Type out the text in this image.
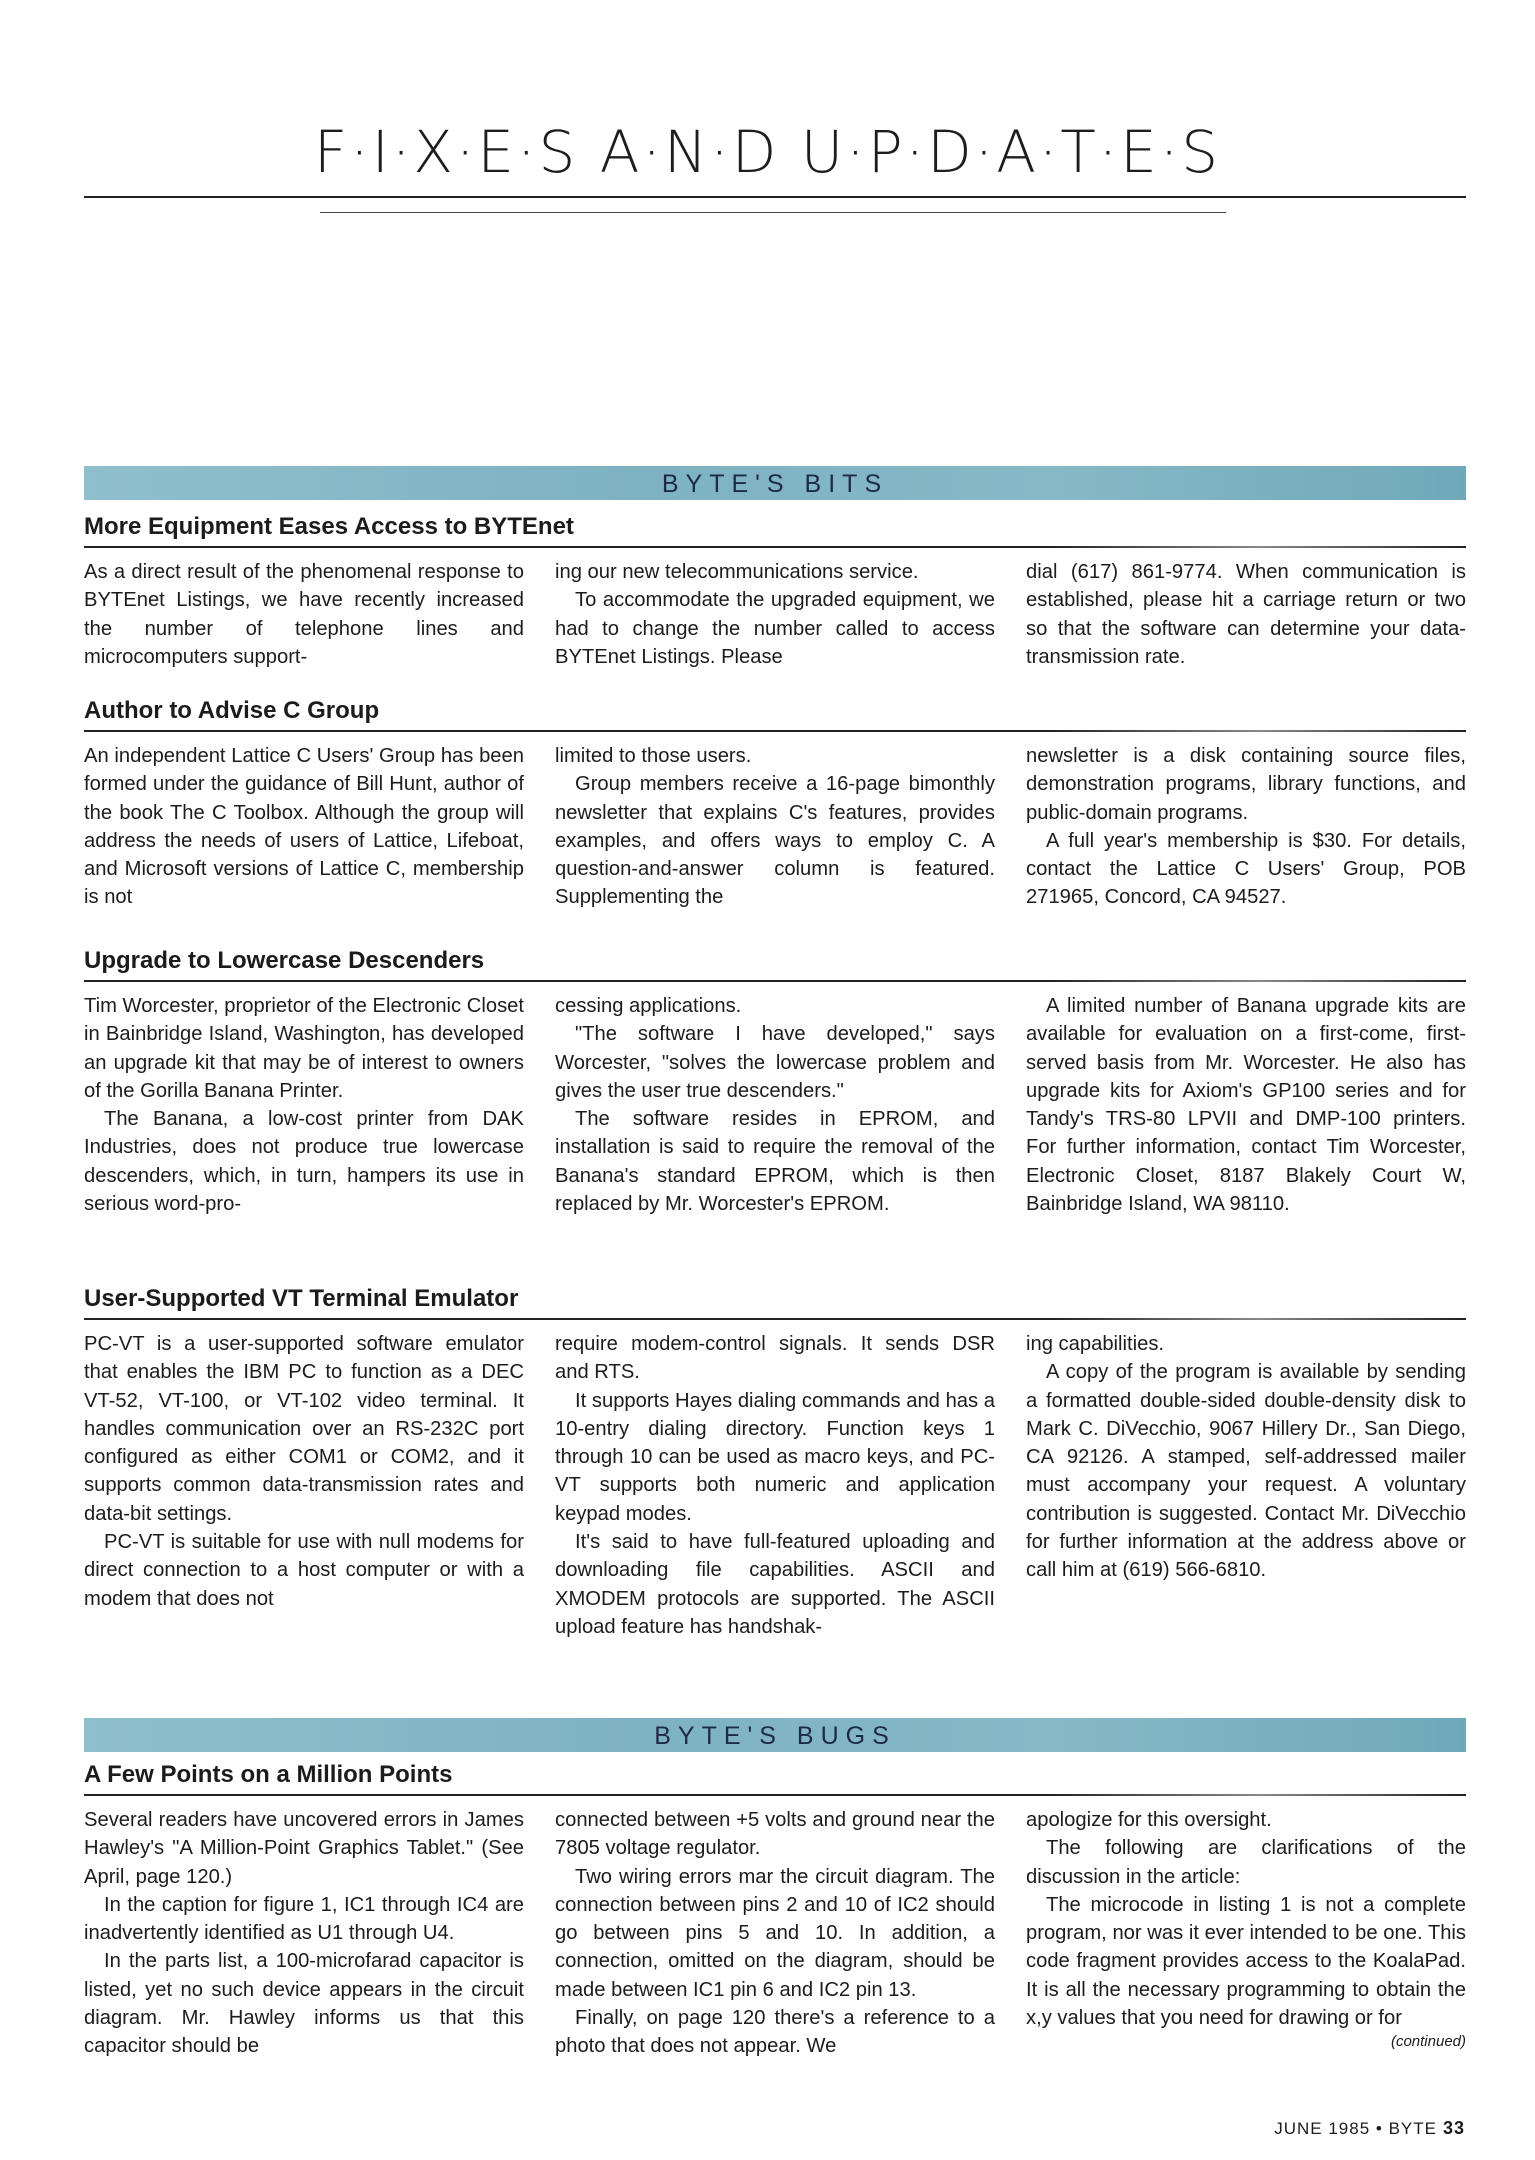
F·I·X·E·S A·N·D U·P·D·A·T·E·S
BYTE'S BITS
BYTE'S BUGS
More Equipment Eases Access to BYTEnet

As a direct result of the phenomenal response to BYTEnet Listings, we have recently increased the number of telephone lines and microcomputers support-

ing our new telecommunications service.

To accommodate the upgraded equipment, we had to change the number called to access BYTEnet Listings. Please

dial (617) 861-9774. When communication is established, please hit a carriage return or two so that the software can determine your data-transmission rate.

Author to Advise C Group

An independent Lattice C Users' Group has been formed under the guidance of Bill Hunt, author of the book The C Toolbox. Although the group will address the needs of users of Lattice, Lifeboat, and Microsoft versions of Lattice C, membership is not

limited to those users.

Group members receive a 16-page bimonthly newsletter that explains C's features, provides examples, and offers ways to employ C. A question-and-answer column is featured. Supplementing the

newsletter is a disk containing source files, demonstration programs, library functions, and public-domain programs.

A full year's membership is $30. For details, contact the Lattice C Users' Group, POB 271965, Concord, CA 94527.

Upgrade to Lowercase Descenders

Tim Worcester, proprietor of the Electronic Closet in Bainbridge Island, Washington, has developed an upgrade kit that may be of interest to owners of the Gorilla Banana Printer.

The Banana, a low-cost printer from DAK Industries, does not produce true lowercase descenders, which, in turn, hampers its use in serious word-pro-

cessing applications.

"The software I have developed," says Worcester, "solves the lowercase problem and gives the user true descenders."

The software resides in EPROM, and installation is said to require the removal of the Banana's standard EPROM, which is then replaced by Mr. Worcester's EPROM.

A limited number of Banana upgrade kits are available for evaluation on a first-come, first-served basis from Mr. Worcester. He also has upgrade kits for Axiom's GP100 series and for Tandy's TRS-80 LPVII and DMP-100 printers. For further information, contact Tim Worcester, Electronic Closet, 8187 Blakely Court W, Bainbridge Island, WA 98110.

User-Supported VT Terminal Emulator

PC-VT is a user-supported software emulator that enables the IBM PC to function as a DEC VT-52, VT-100, or VT-102 video terminal. It handles communication over an RS-232C port configured as either COM1 or COM2, and it supports common data-transmission rates and data-bit settings.

PC-VT is suitable for use with null modems for direct connection to a host computer or with a modem that does not

require modem-control signals. It sends DSR and RTS.

It supports Hayes dialing commands and has a 10-entry dialing directory. Function keys 1 through 10 can be used as macro keys, and PC-VT supports both numeric and application keypad modes.

It's said to have full-featured uploading and downloading file capabilities. ASCII and XMODEM protocols are supported. The ASCII upload feature has handshak-

ing capabilities.

A copy of the program is available by sending a formatted double-sided double-density disk to Mark C. DiVecchio, 9067 Hillery Dr., San Diego, CA 92126. A stamped, self-addressed mailer must accompany your request. A voluntary contribution is suggested. Contact Mr. DiVecchio for further information at the address above or call him at (619) 566-6810.

A Few Points on a Million Points

Several readers have uncovered errors in James Hawley's "A Million-Point Graphics Tablet." (See April, page 120.)

In the caption for figure 1, IC1 through IC4 are inadvertently identified as U1 through U4.

In the parts list, a 100-microfarad capacitor is listed, yet no such device appears in the circuit diagram. Mr. Hawley informs us that this capacitor should be

connected between +5 volts and ground near the 7805 voltage regulator.

Two wiring errors mar the circuit diagram. The connection between pins 2 and 10 of IC2 should go between pins 5 and 10. In addition, a connection, omitted on the diagram, should be made between IC1 pin 6 and IC2 pin 13.

Finally, on page 120 there's a reference to a photo that does not appear. We

apologize for this oversight.

The following are clarifications of the discussion in the article:

The microcode in listing 1 is not a complete program, nor was it ever intended to be one. This code fragment provides access to the KoalaPad. It is all the necessary programming to obtain the x,y values that you need for drawing or for

(continued)
JUNE 1985 • BYTE 33
